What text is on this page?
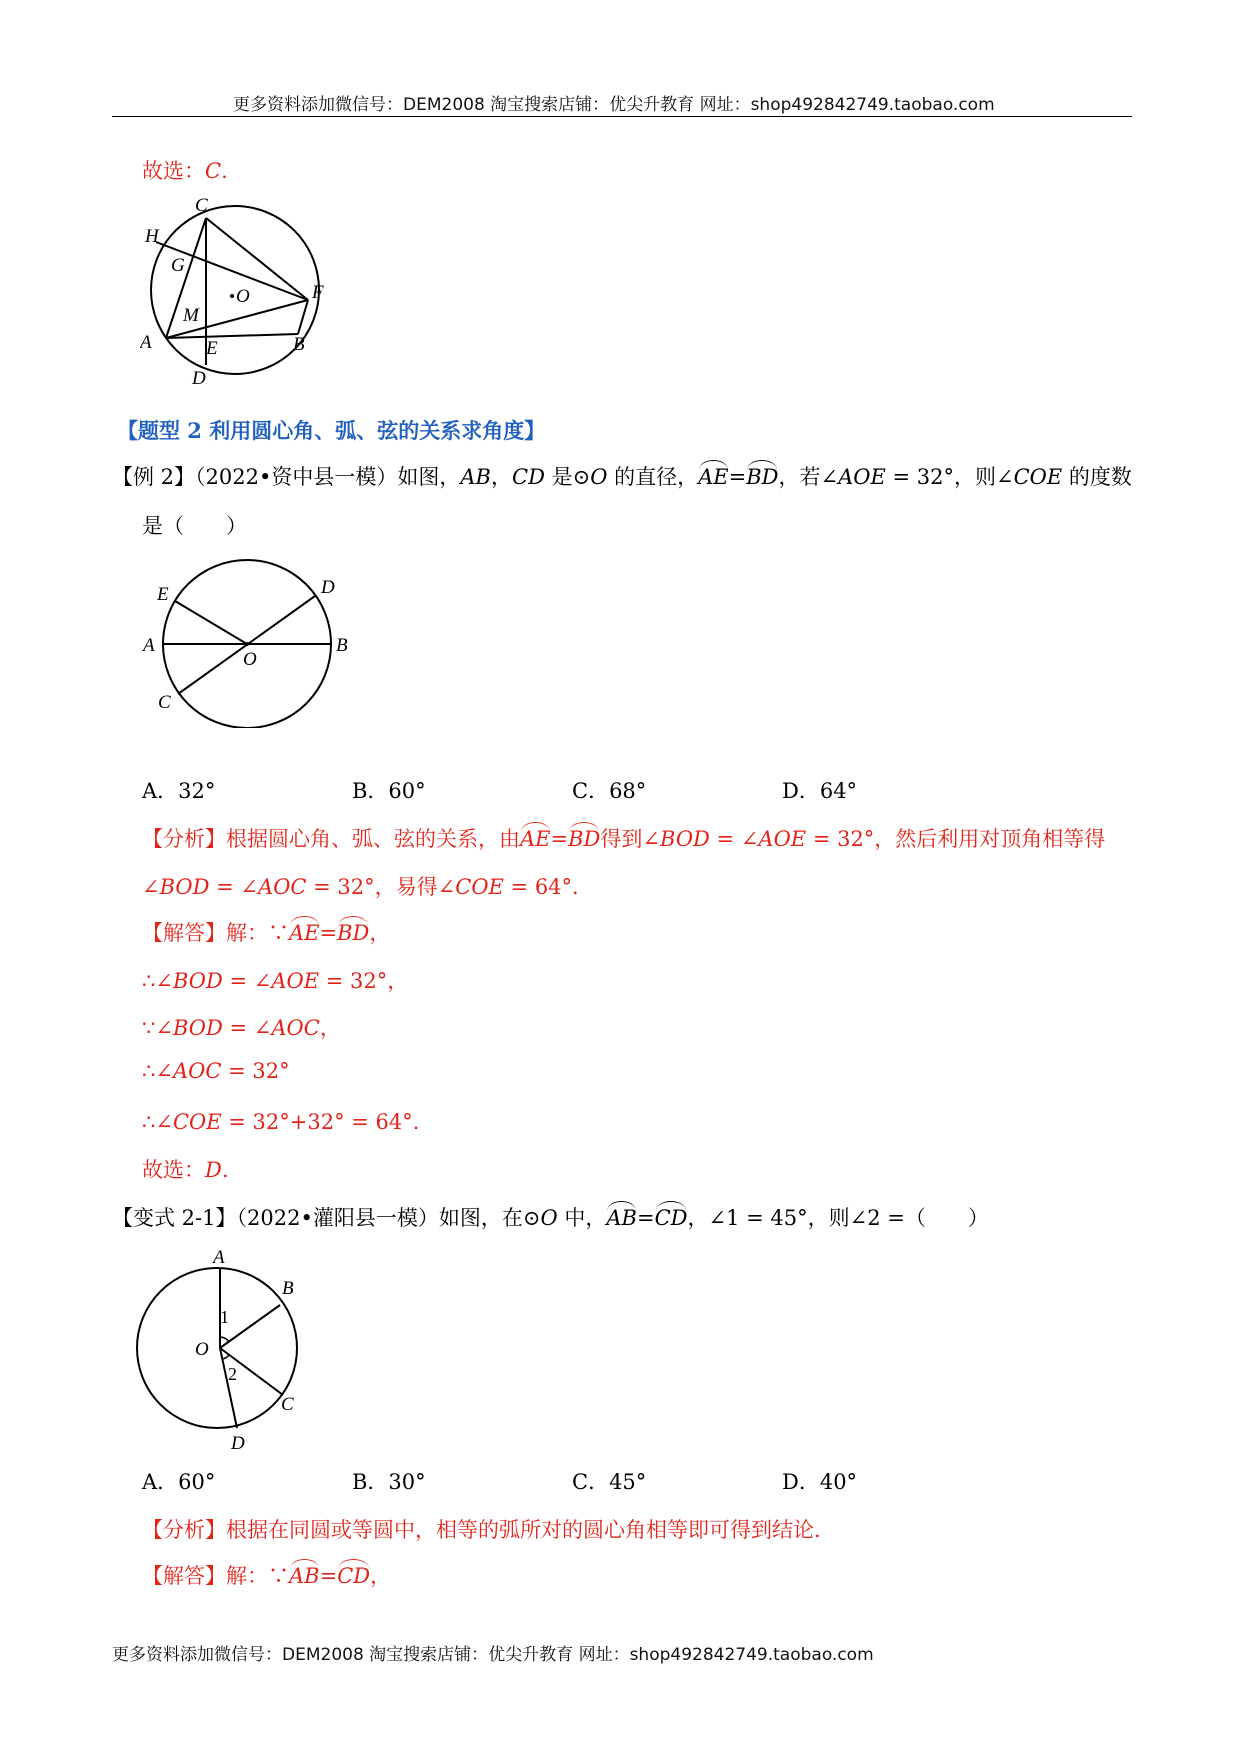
更多资料添加微信号：DEM2008 淘宝搜索店铺：优尖升教育 网址：shop492842749.taobao.com
故选：C.
C
H
G
O	F
M
A	E	B
D
【题型 2 利用圆心角、弧、弦的关系求角度】
【例 2】（2022•资中县一模）如图，AB，CD 是⊙O 的直径，AE=BD，若∠AOE = 32°，则∠COE 的度数
是（　　）
E	D
A
O
B
C
A．32°	B．60°	C．68°	D．64°
【分析】根据圆心角、弧、弦的关系，由AE=BD得到∠BOD = ∠AOE = 32°，然后利用对顶角相等得
∠BOD = ∠AOC = 32°，易得∠COE = 64°．
【解答】解：∵AE=BD，
∴∠BOD = ∠AOE = 32°，
∵∠BOD = ∠AOC，
∴∠AOC = 32°
∴∠COE = 32°+32° = 64°．
故选：D.
【变式 2-1】（2022•灌阳县一模）如图，在⊙O 中，AB=CD，∠1 = 45°，则∠2 =（　　）
A
B
O
1
2
C
D
A．60°	B．30°	C．45°	D．40°
【分析】根据在同圆或等圆中，相等的弧所对的圆心角相等即可得到结论．
【解答】解：∵AB=CD，
更多资料添加微信号：DEM2008 淘宝搜索店铺：优尖升教育 网址：shop492842749.taobao.com
